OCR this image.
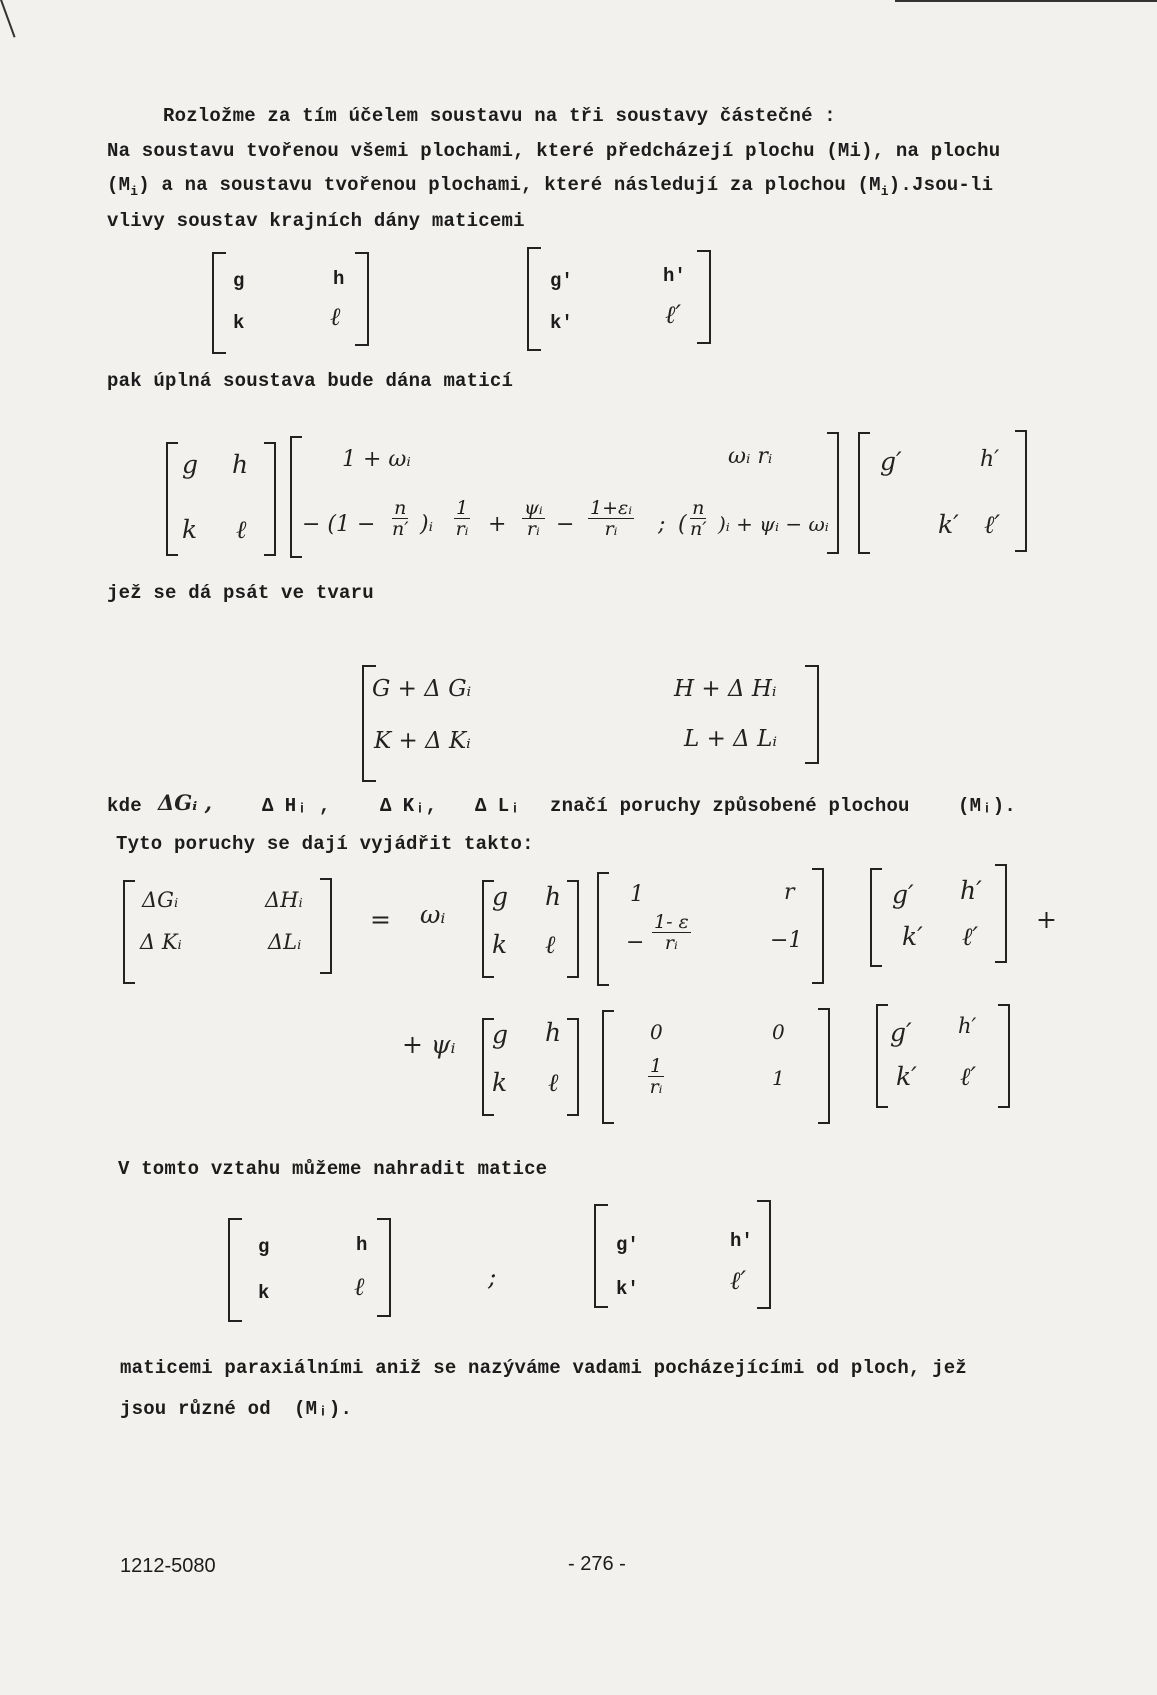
Rozložme za tím účelem soustavu na tři soustavy částečné :
Na soustavu tvořenou všemi plochami, které předcházejí plochu (Mi), na plochu
$(M_i)$ a na soustavu tvořenou plochami, které následují za plochou $(M_i).Jsou-li$
vlivy soustav krajních dány maticemi
g	h
k	ℓ
g′	h′
k′	ℓ′
pak úplná soustava bude dána maticí
g h
k ℓ
1 + ωᵢ	ωᵢ rᵢ
− ($1 - \frac{n}{n'}$ )ᵢ $\frac{1}{\text{rᵢ}} + \frac{\text{ψᵢ}}{\text{rᵢ}} - \frac{\text{1+εᵢ}}{\text{rᵢ}}$ ; ( $\frac{n}{n'}$ )ᵢ + ψᵢ − ωᵢ
g′	h′
k′ ℓ′
jež se dá psát ve tvaru
G + Δ Gᵢ	H + Δ Hᵢ
K + Δ Kᵢ	L + Δ Lᵢ
kde ΔGᵢ ,	Δ Hᵢ ,	Δ Kᵢ, Δ Lᵢ značí poruchy způsobené plochou	(Mᵢ).
Tyto poruchy se dají vyjádřit takto:
ΔGᵢ	ΔHᵢ
Δ Kᵢ	ΔLᵢ
= ωᵢ
g h
k ℓ
1	r
− $\frac{1- \varepsilon}{\text{rᵢ}}$	−1
g′ h′
k′ ℓ′
+
+ ψᵢ g h
k ℓ
0	0
$\frac{1}{\text{rᵢ}}$	1
g′ h′
k′ ℓ′
V tomto vztahu můžeme nahradit matice
g	h
k	ℓ	;
g′	h′
k′	ℓ′
maticemi paraxiálními aniž se nazýváme vadami pocházejícími od ploch, jež
jsou různé od (Mᵢ).
1212-5080	- 276 -
